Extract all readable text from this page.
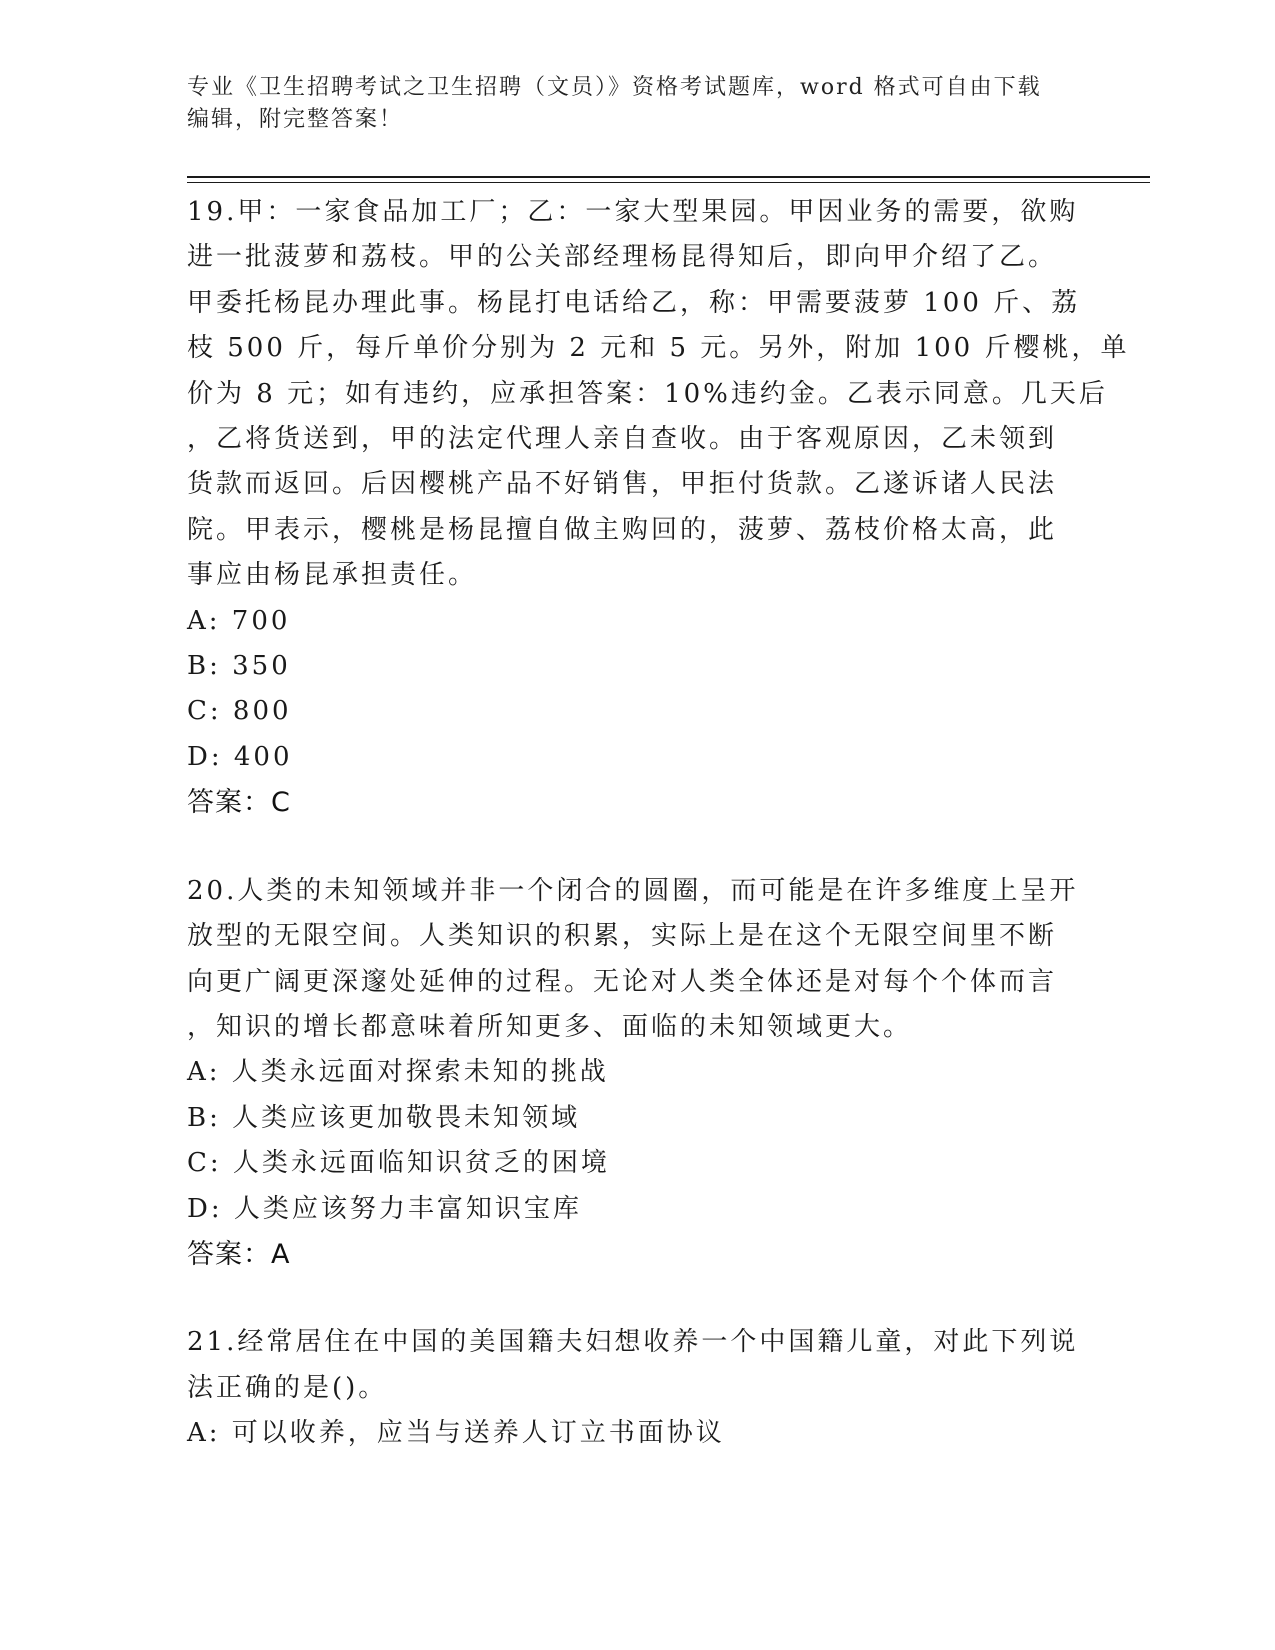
专业《卫生招聘考试之卫生招聘（文员）》资格考试题库，word 格式可自由下载
编辑，附完整答案！
19.甲：一家食品加工厂；乙：一家大型果园。甲因业务的需要，欲购
进一批菠萝和荔枝。甲的公关部经理杨昆得知后，即向甲介绍了乙。
甲委托杨昆办理此事。杨昆打电话给乙，称：甲需要菠萝 100 斤、荔
枝 500 斤，每斤单价分别为 2 元和 5 元。另外，附加 100 斤樱桃，单
价为 8 元；如有违约，应承担答案：10%违约金。乙表示同意。几天后
，乙将货送到，甲的法定代理人亲自查收。由于客观原因，乙未领到
货款而返回。后因樱桃产品不好销售，甲拒付货款。乙遂诉诸人民法
院。甲表示，樱桃是杨昆擅自做主购回的，菠萝、荔枝价格太高，此
事应由杨昆承担责任。
A: 700
B: 350
C: 800
D: 400
答案：C
20.人类的未知领域并非一个闭合的圆圈，而可能是在许多维度上呈开
放型的无限空间。人类知识的积累，实际上是在这个无限空间里不断
向更广阔更深邃处延伸的过程。无论对人类全体还是对每个个体而言
，知识的增长都意味着所知更多、面临的未知领域更大。
A: 人类永远面对探索未知的挑战
B: 人类应该更加敬畏未知领域
C: 人类永远面临知识贫乏的困境
D: 人类应该努力丰富知识宝库
答案：A
21.经常居住在中国的美国籍夫妇想收养一个中国籍儿童，对此下列说
法正确的是()。
A: 可以收养，应当与送养人订立书面协议
